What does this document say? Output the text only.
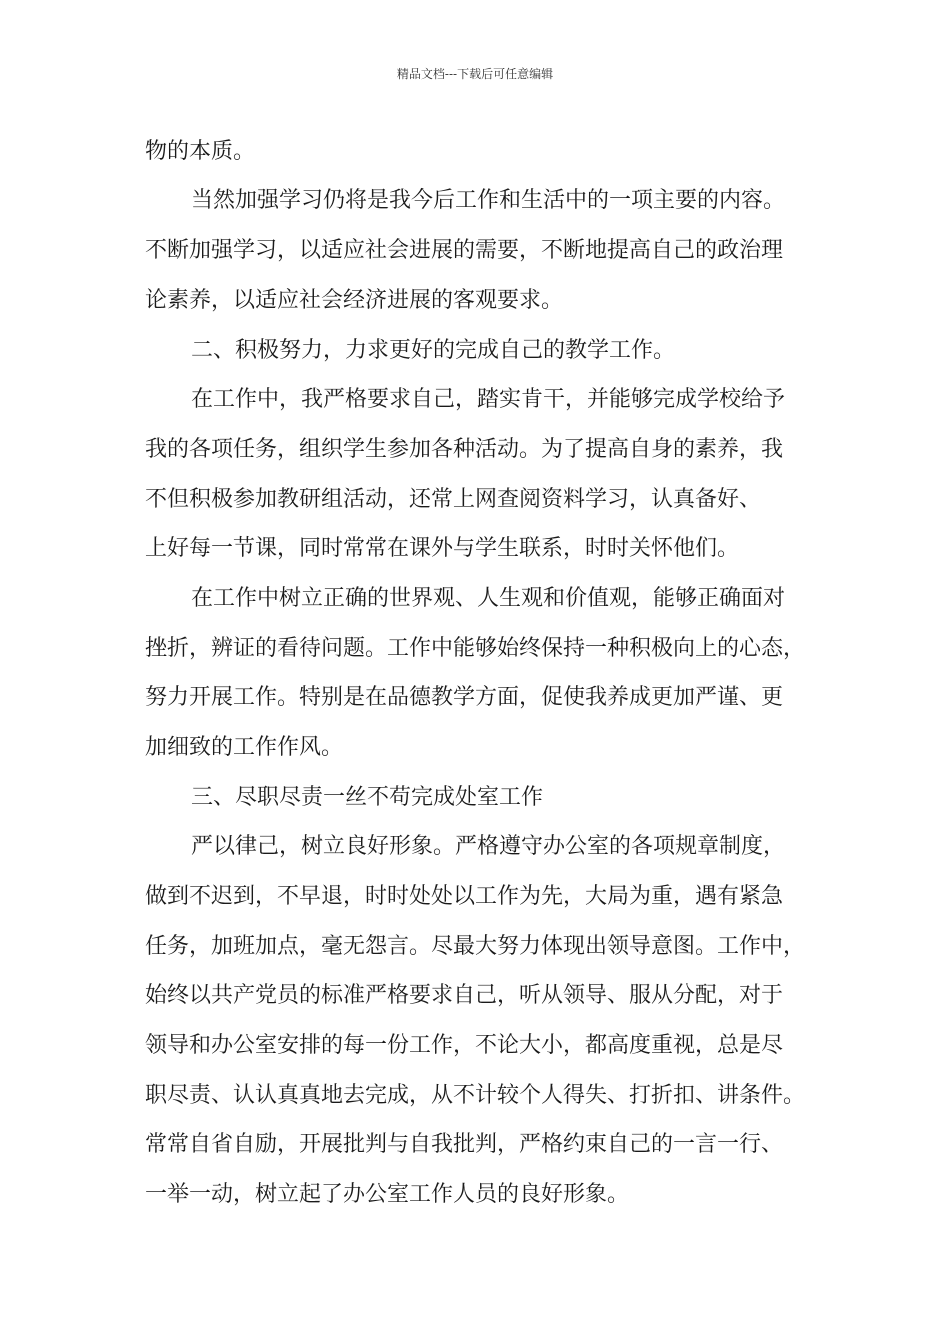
精品文档---下载后可任意编辑
物的本质。
当然加强学习仍将是我今后工作和生活中的一项主要的内容。
不断加强学习，以适应社会进展的需要，不断地提高自己的政治理
论素养，以适应社会经济进展的客观要求。
二、积极努力，力求更好的完成自己的教学工作。
在工作中，我严格要求自己，踏实肯干，并能够完成学校给予
我的各项任务，组织学生参加各种活动。为了提高自身的素养，我
不但积极参加教研组活动，还常上网查阅资料学习，认真备好、
上好每一节课，同时常常在课外与学生联系，时时关怀他们。
在工作中树立正确的世界观、人生观和价值观，能够正确面对
挫折，辨证的看待问题。工作中能够始终保持一种积极向上的心态，
努力开展工作。特别是在品德教学方面，促使我养成更加严谨、更
加细致的工作作风。
三、尽职尽责一丝不苟完成处室工作
严以律己，树立良好形象。严格遵守办公室的各项规章制度，
做到不迟到，不早退，时时处处以工作为先，大局为重，遇有紧急
任务，加班加点，毫无怨言。尽最大努力体现出领导意图。工作中，
始终以共产党员的标准严格要求自己，听从领导、服从分配，对于
领导和办公室安排的每一份工作，不论大小，都高度重视，总是尽
职尽责、认认真真地去完成，从不计较个人得失、打折扣、讲条件。
常常自省自励，开展批判与自我批判，严格约束自己的一言一行、
一举一动，树立起了办公室工作人员的良好形象。
